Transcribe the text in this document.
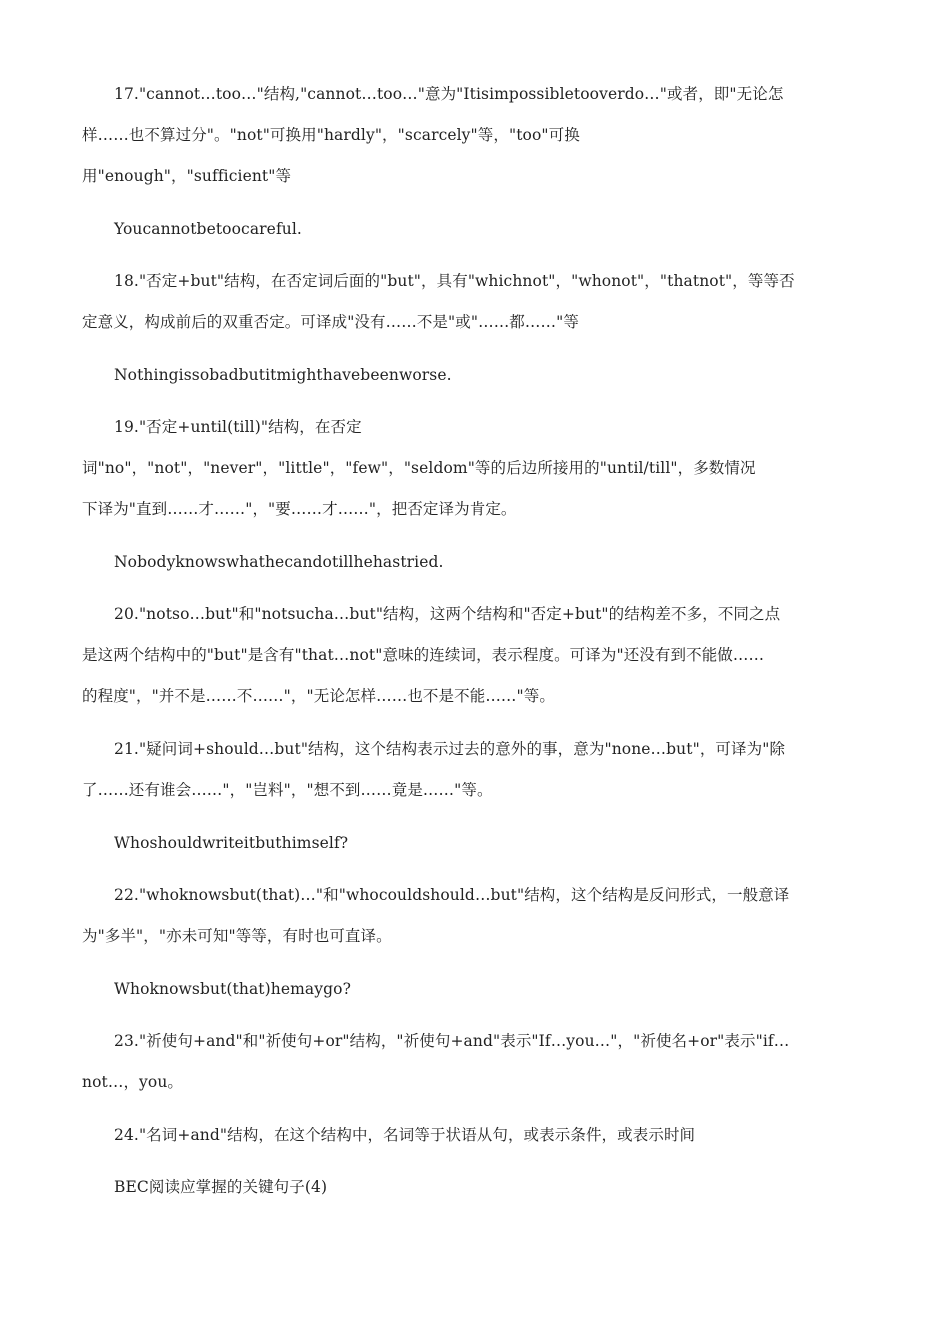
17."cannot…too…"结构,"cannot…too…"意为"Itisimpossibletooverdo…"或者，即"无论怎
样……也不算过分"。"not"可换用"hardly"，"scarcely"等，"too"可换
用"enough"，"sufficient"等
Youcannotbetoocareful.
18."否定+but"结构，在否定词后面的"but"，具有"whichnot"，"whonot"，"thatnot"，等等否
定意义，构成前后的双重否定。可译成"没有……不是"或"……都……"等
Nothingissobadbutitmighthavebeenworse.
19."否定+until(till)"结构，在否定
词"no"，"not"，"never"，"little"，"few"，"seldom"等的后边所接用的"until/till"，多数情况
下译为"直到……才……"，"要……才……"，把否定译为肯定。
Nobodyknowswhathecandotillhehastried.
20."notso…but"和"notsucha…but"结构，这两个结构和"否定+but"的结构差不多，不同之点
是这两个结构中的"but"是含有"that…not"意味的连续词，表示程度。可译为"还没有到不能做……
的程度"，"并不是……不……"，"无论怎样……也不是不能……"等。
21."疑问词+should…but"结构，这个结构表示过去的意外的事，意为"none…but"，可译为"除
了……还有谁会……"，"岂料"，"想不到……竟是……"等。
Whoshouldwriteitbuthimself?
22."whoknowsbut(that)…"和"whocouldshould…but"结构，这个结构是反问形式，一般意译
为"多半"，"亦未可知"等等，有时也可直译。
Whoknowsbut(that)hemaygo?
23."祈使句+and"和"祈使句+or"结构，"祈使句+and"表示"If…you…"，"祈使名+or"表示"if…
not…，you。
24."名词+and"结构，在这个结构中，名词等于状语从句，或表示条件，或表示时间
BEC阅读应掌握的关键句子(4)
